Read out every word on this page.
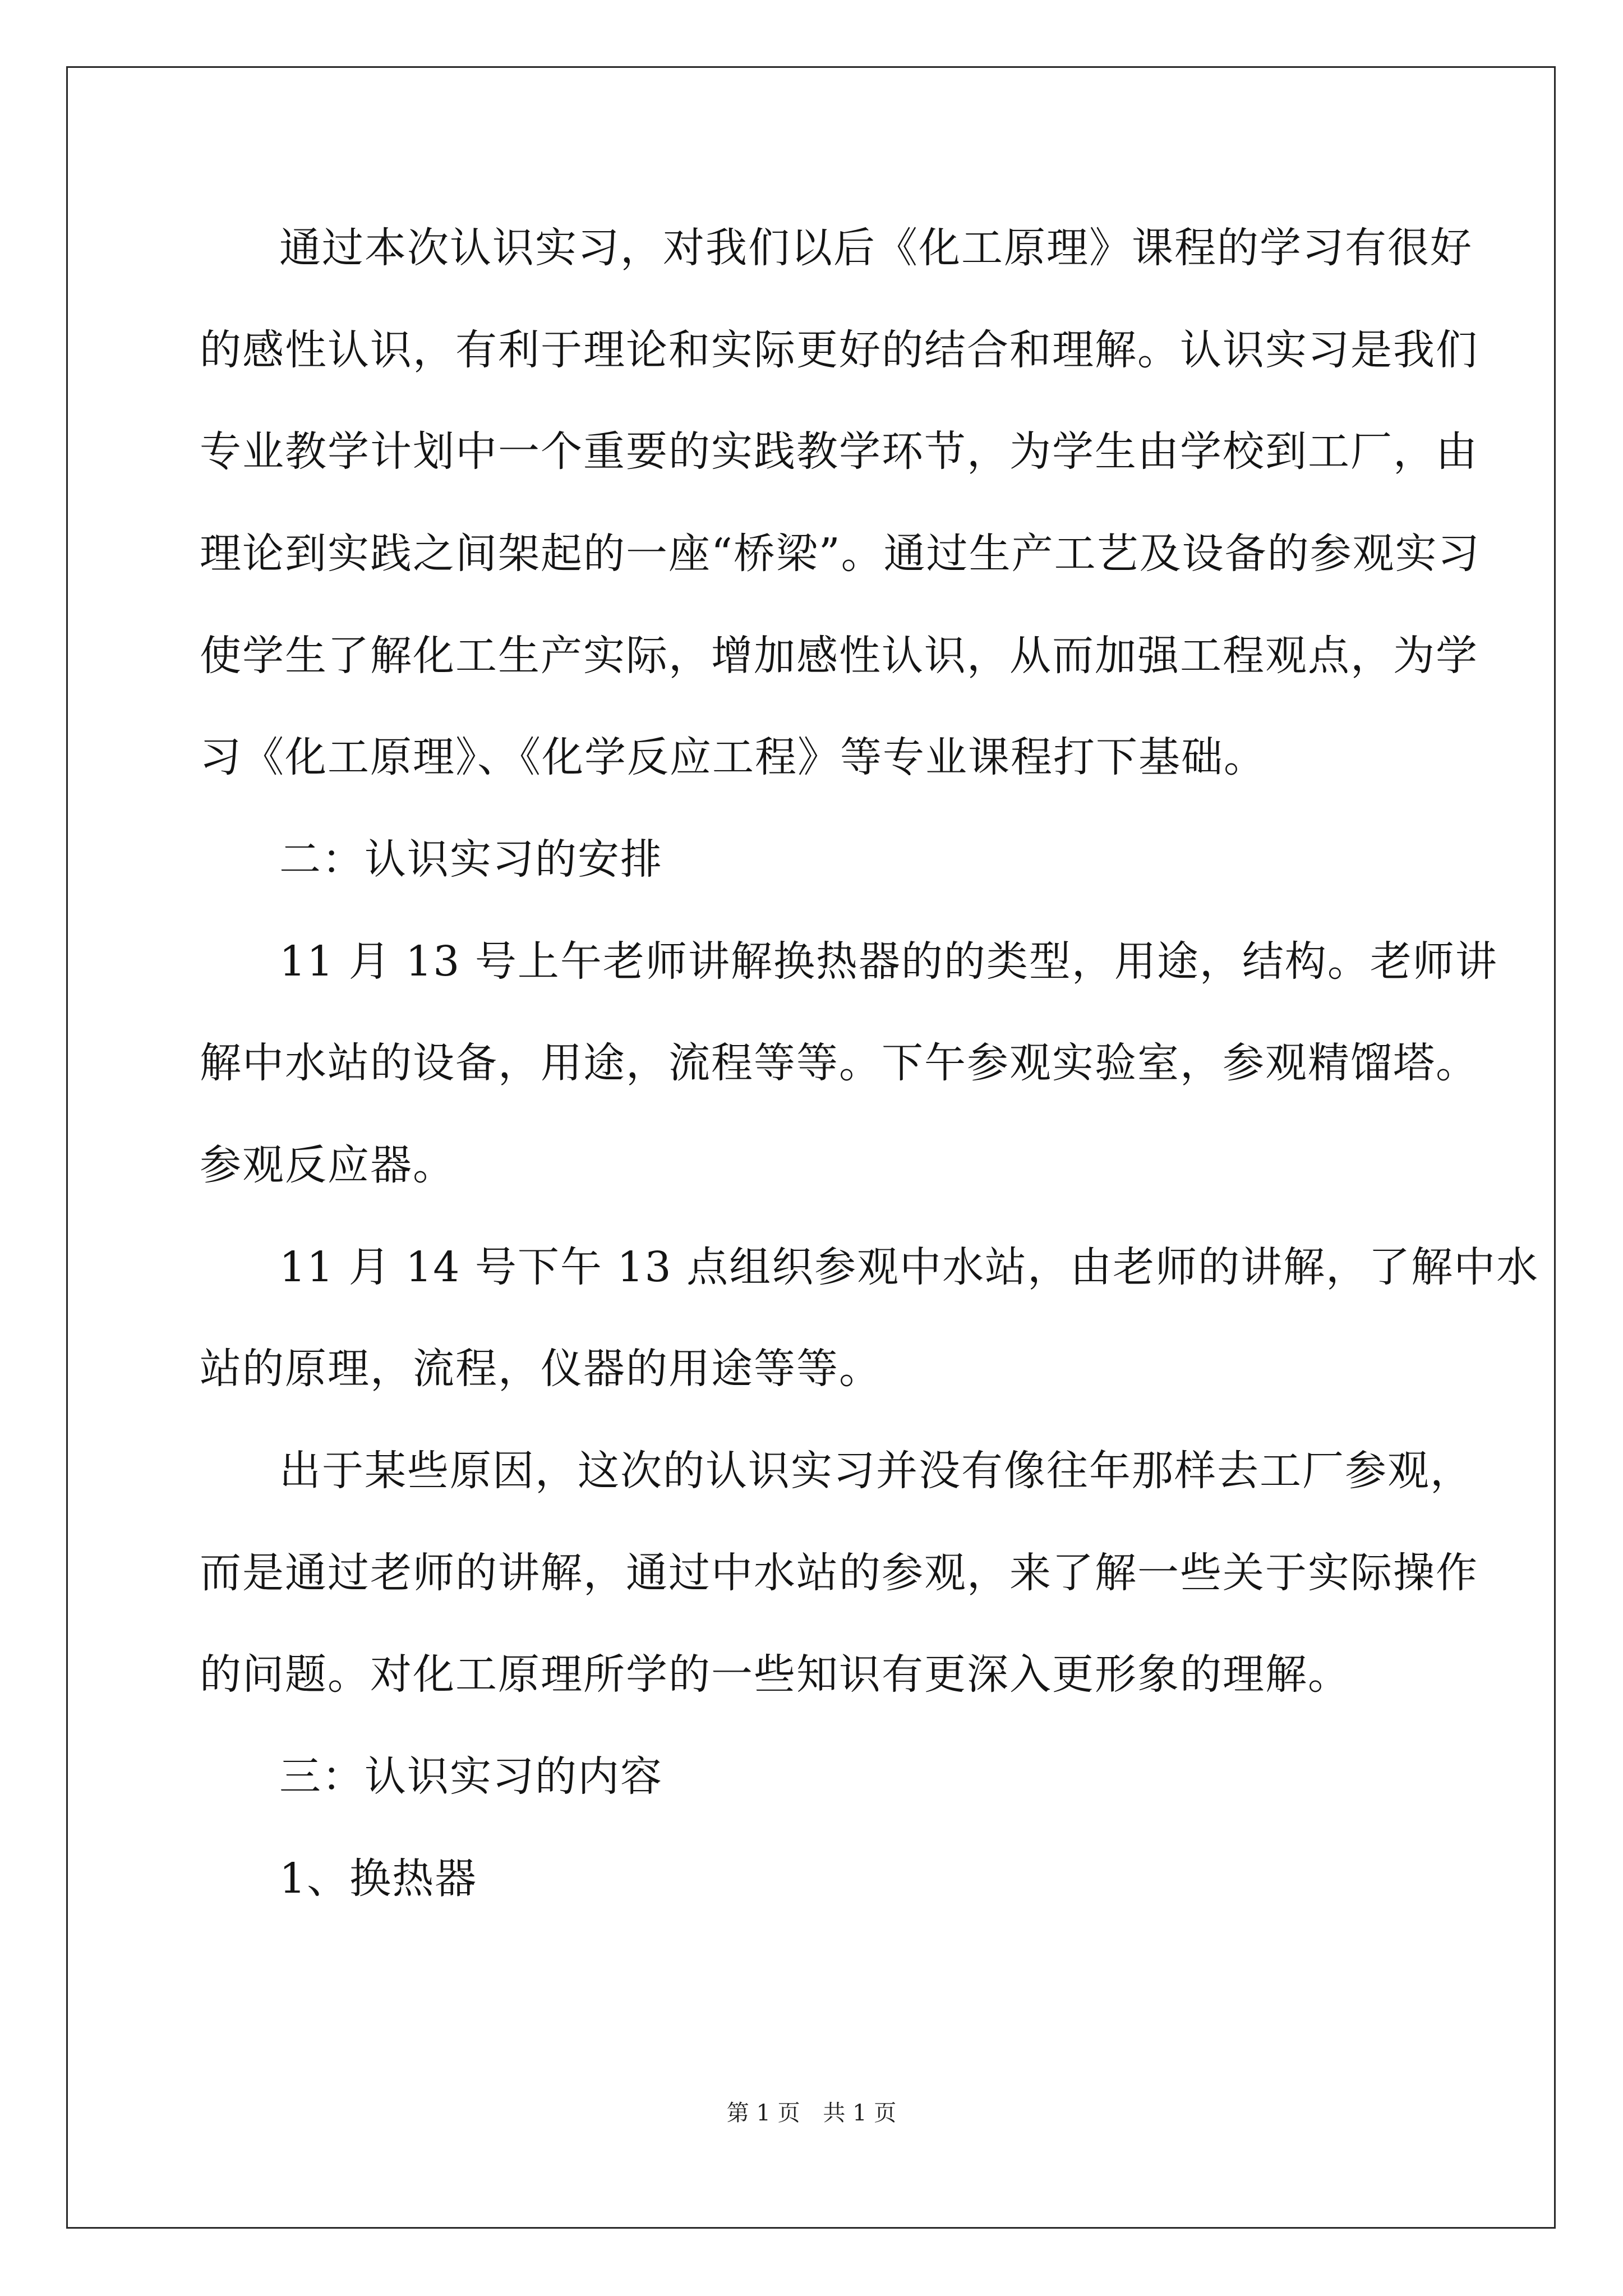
通过本次认识实习，对我们以后《化工原理》课程的学习有很好

的感性认识，有利于理论和实际更好的结合和理解。认识实习是我们

专业教学计划中一个重要的实践教学环节，为学生由学校到工厂，由

理论到实践之间架起的一座“桥梁”。通过生产工艺及设备的参观实习

使学生了解化工生产实际，增加感性认识，从而加强工程观点，为学

习《化工原理》、《化学反应工程》等专业课程打下基础。

二：认识实习的安排

11 月 13 号上午老师讲解换热器的的类型，用途，结构。老师讲

解中水站的设备，用途，流程等等。下午参观实验室，参观精馏塔。

参观反应器。

11 月 14 号下午 13 点组织参观中水站，由老师的讲解，了解中水

站的原理，流程，仪器的用途等等。

出于某些原因，这次的认识实习并没有像往年那样去工厂参观，

而是通过老师的讲解，通过中水站的参观，来了解一些关于实际操作

的问题。对化工原理所学的一些知识有更深入更形象的理解。

三：认识实习的内容

1、换热器

第 1 页 共 1 页
